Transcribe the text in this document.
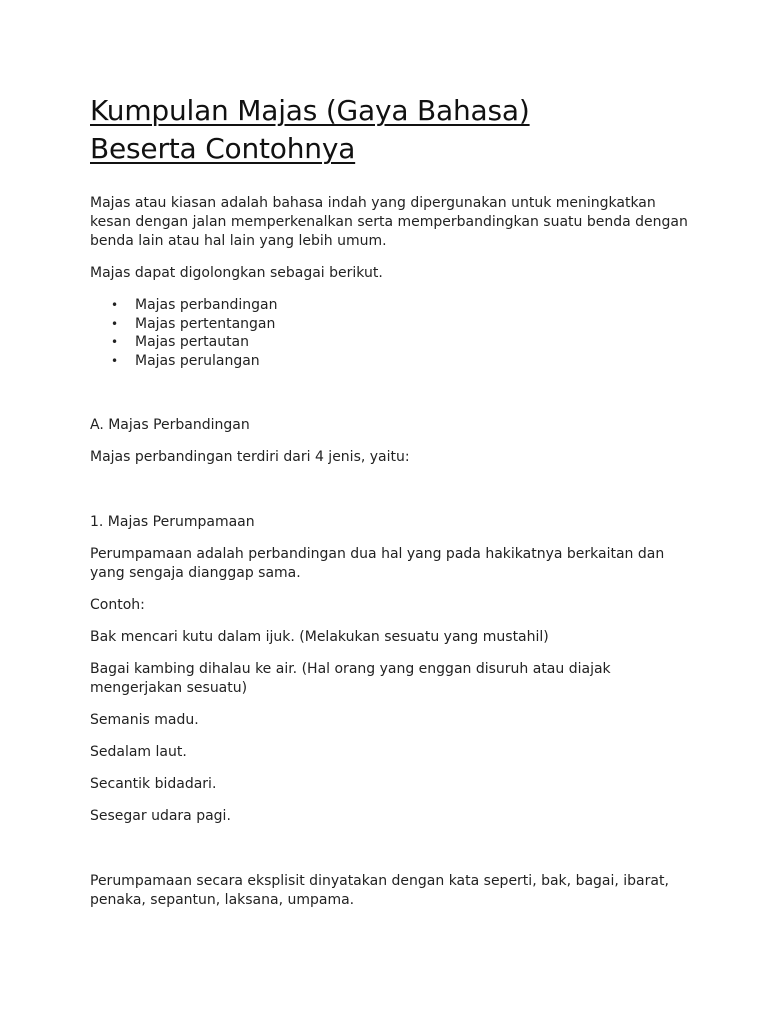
Kumpulan Majas (Gaya Bahasa)
Beserta Contohnya

Majas atau kiasan adalah bahasa indah yang dipergunakan untuk meningkatkan kesan dengan jalan memperkenalkan serta memperbandingkan suatu benda dengan benda lain atau hal lain yang lebih umum.

Majas dapat digolongkan sebagai berikut.

• Majas perbandingan
• Majas pertentangan
• Majas pertautan
• Majas perulangan

A. Majas Perbandingan

Majas perbandingan terdiri dari 4 jenis, yaitu:

1. Majas Perumpamaan

Perumpamaan adalah perbandingan dua hal yang pada hakikatnya berkaitan dan yang sengaja dianggap sama.

Contoh:

Bak mencari kutu dalam ijuk. (Melakukan sesuatu yang mustahil)

Bagai kambing dihalau ke air. (Hal orang yang enggan disuruh atau diajak mengerjakan sesuatu)

Semanis madu.

Sedalam laut.

Secantik bidadari.

Sesegar udara pagi.

Perumpamaan secara eksplisit dinyatakan dengan kata seperti, bak, bagai, ibarat, penaka, sepantun, laksana, umpama.
